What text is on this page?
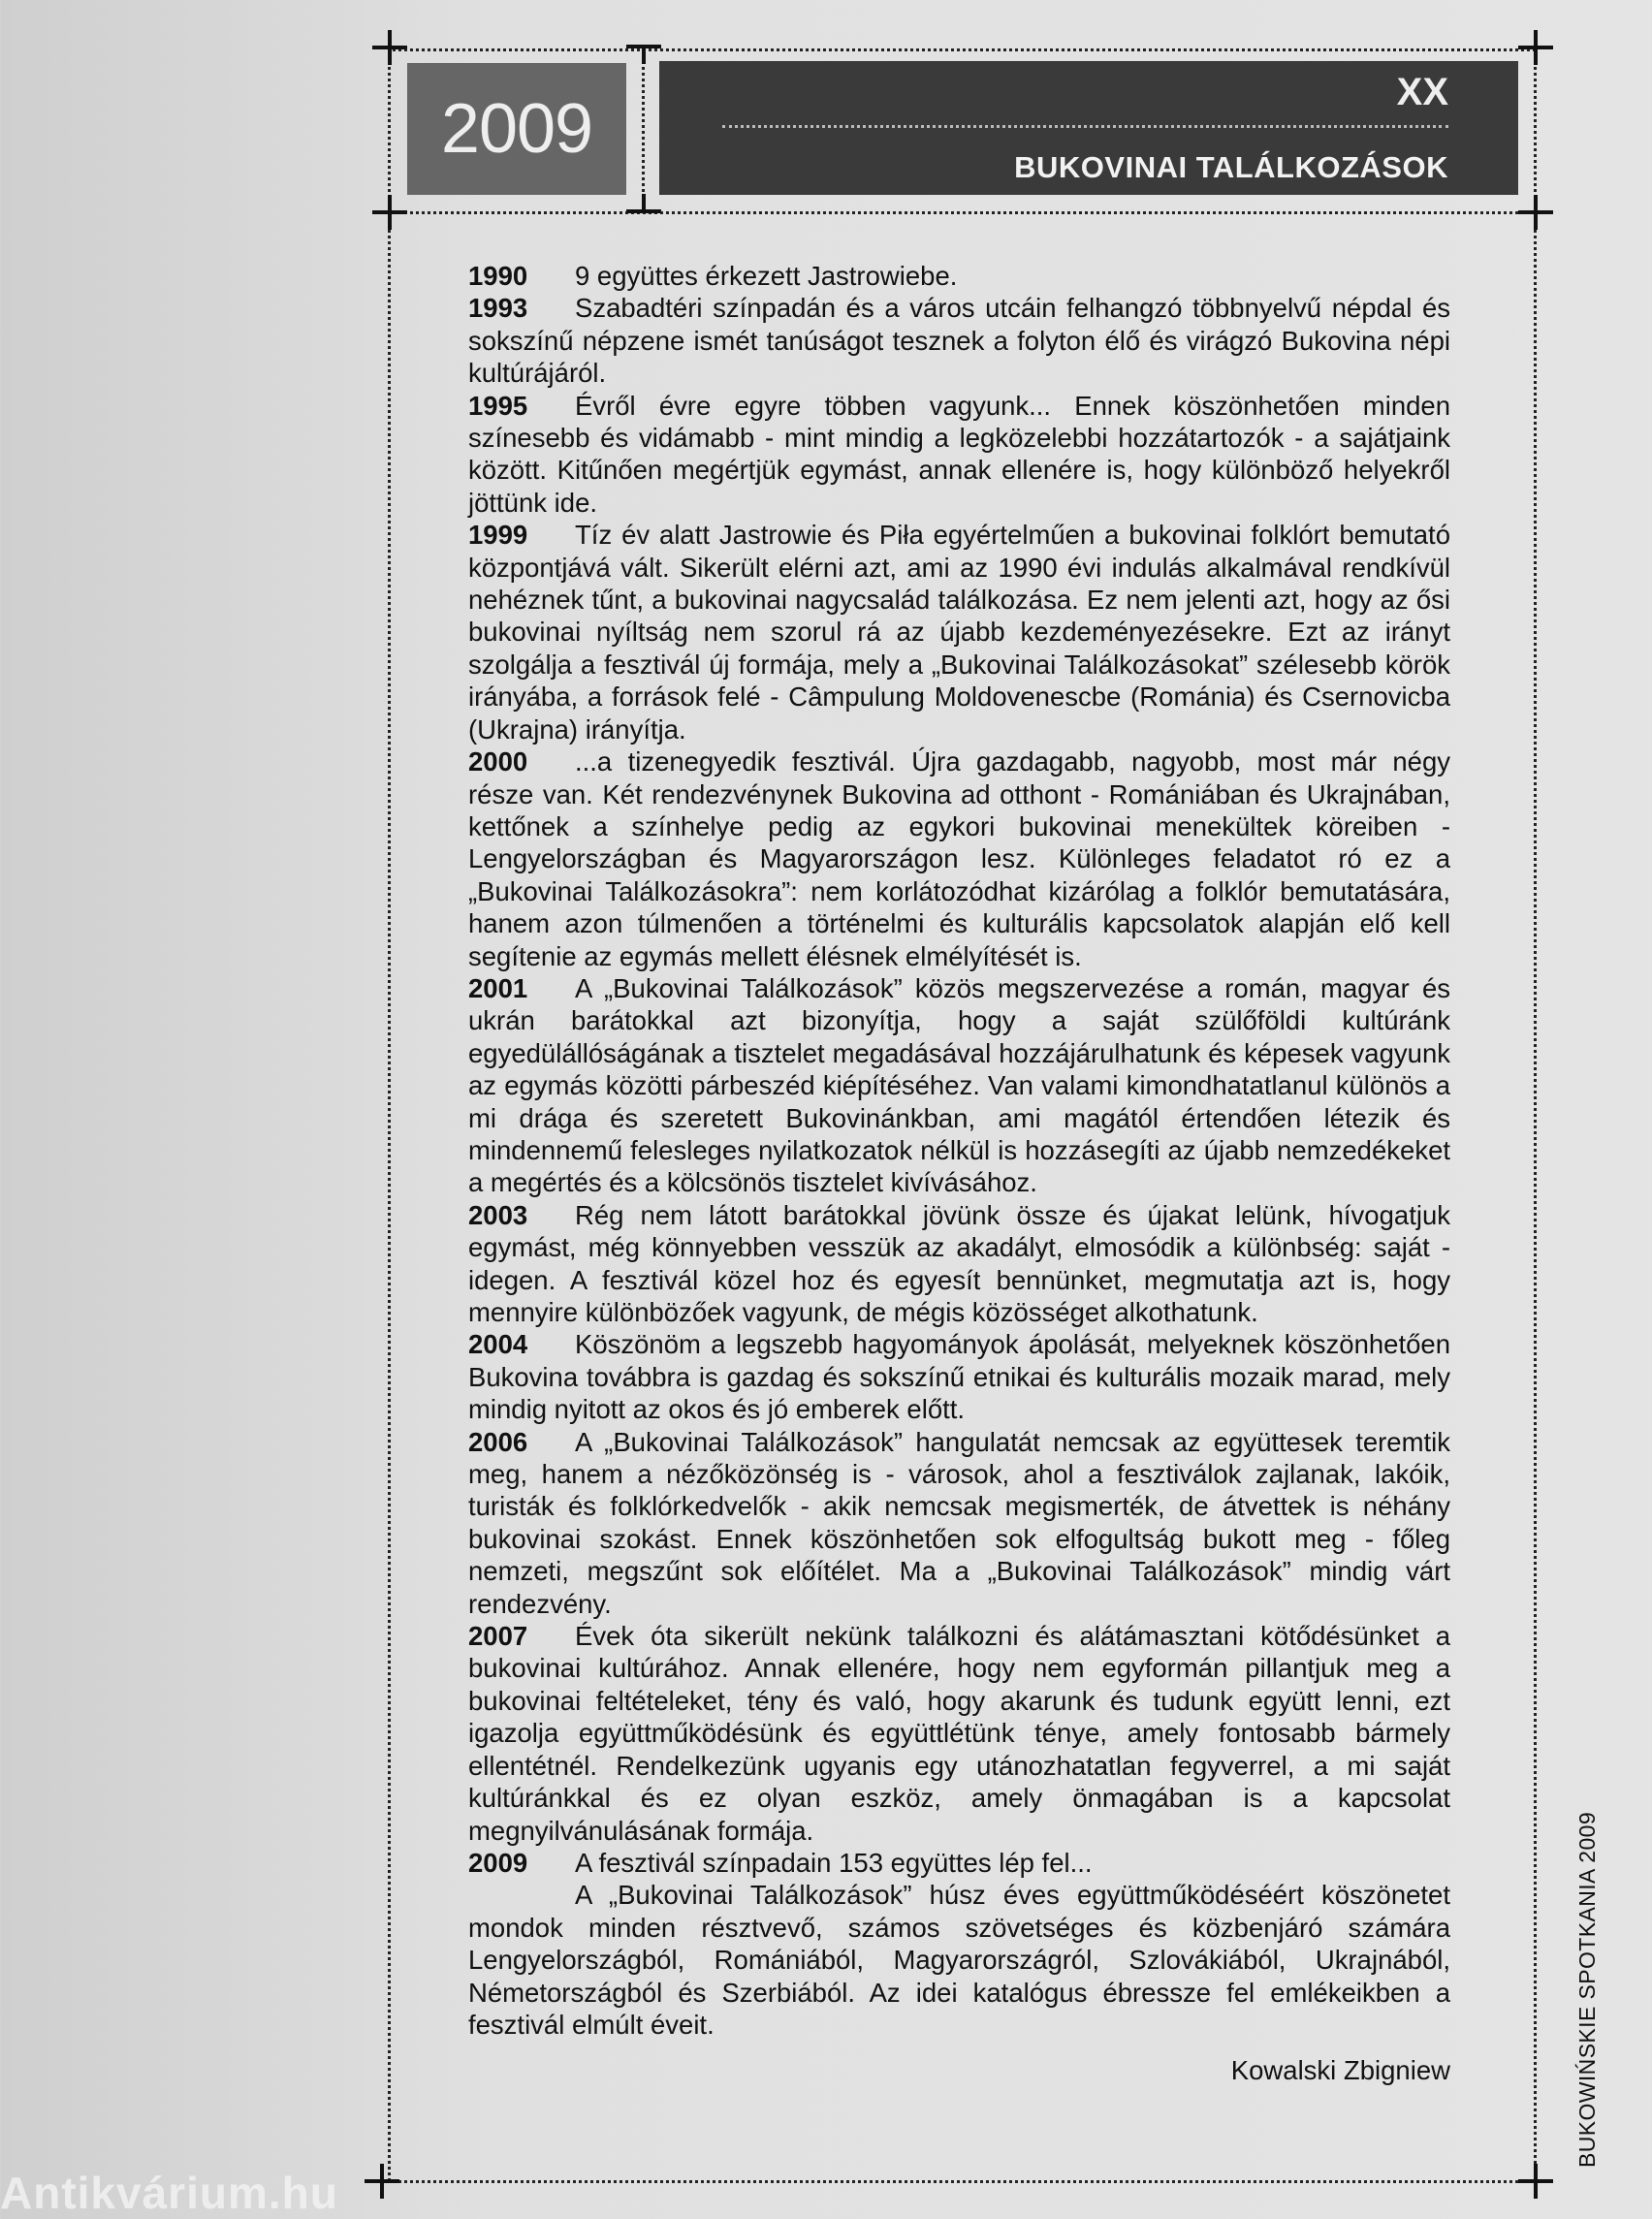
2009	XX
BUKOVINAI TALÁLKOZÁSOK

1990 9 együttes érkezett Jastrowiebe.

1993 Szabadtéri színpadán és a város utcáin felhangzó többnyelvű népdal és sokszínű népzene ismét tanúságot tesznek a folyton élő és virágzó Bukovina népi kultúrájáról.

1995 Évről évre egyre többen vagyunk... Ennek köszönhetően minden színesebb és vidámabb - mint mindig a legközelebbi hozzátartozók - a sajátjaink között. Kitűnően megértjük egymást, annak ellenére is, hogy különböző helyekről jöttünk ide.

1999 Tíz év alatt Jastrowie és Piła egyértelműen a bukovinai folklórt bemutató központjává vált. Sikerült elérni azt, ami az 1990 évi indulás alkalmával rendkívül nehéznek tűnt, a bukovinai nagycsalád találkozása. Ez nem jelenti azt, hogy az ősi bukovinai nyíltság nem szorul rá az újabb kezdeményezésekre. Ezt az irányt szolgálja a fesztivál új formája, mely a „Bukovinai Találkozásokat” szélesebb körök irányába, a források felé - Câmpulung Moldovenescbe (Románia) és Csernovicba (Ukrajna) irányítja.

2000 ...a tizenegyedik fesztivál. Újra gazdagabb, nagyobb, most már négy része van. Két rendezvénynek Bukovina ad otthont - Romániában és Ukrajnában, kettőnek a színhelye pedig az egykori bukovinai menekültek köreiben - Lengyelországban és Magyarországon lesz. Különleges feladatot ró ez a „Bukovinai Találkozásokra”: nem korlátozódhat kizárólag a folklór bemutatására, hanem azon túlmenően a történelmi és kulturális kapcsolatok alapján elő kell segítenie az egymás mellett élésnek elmélyítését is.

2001 A „Bukovinai Találkozások” közös megszervezése a román, magyar és ukrán barátokkal azt bizonyítja, hogy a saját szülőföldi kultúránk egyedülállóságának a tisztelet megadásával hozzájárulhatunk és képesek vagyunk az egymás közötti párbeszéd kiépítéséhez. Van valami kimondhatatlanul különös a mi drága és szeretett Bukovinánkban, ami magától értendően létezik és mindennemű felesleges nyilatkozatok nélkül is hozzásegíti az újabb nemzedékeket a megértés és a kölcsönös tisztelet kivívásához.

2003 Rég nem látott barátokkal jövünk össze és újakat lelünk, hívogatjuk egymást, még könnyebben vesszük az akadályt, elmosódik a különbség: saját - idegen. A fesztivál közel hoz és egyesít bennünket, megmutatja azt is, hogy mennyire különbözőek vagyunk, de mégis közösséget alkothatunk.

2004 Köszönöm a legszebb hagyományok ápolását, melyeknek köszönhetően Bukovina továbbra is gazdag és sokszínű etnikai és kulturális mozaik marad, mely mindig nyitott az okos és jó emberek előtt.

2006 A „Bukovinai Találkozások” hangulatát nemcsak az együttesek teremtik meg, hanem a nézőközönség is - városok, ahol a fesztiválok zajlanak, lakóik, turisták és folklórkedvelők - akik nemcsak megismerték, de átvettek is néhány bukovinai szokást. Ennek köszönhetően sok elfogultság bukott meg - főleg nemzeti, megszűnt sok előítélet. Ma a „Bukovinai Találkozások” mindig várt rendezvény.

2007 Évek óta sikerült nekünk találkozni és alátámasztani kötődésünket a bukovinai kultúrához. Annak ellenére, hogy nem egyformán pillantjuk meg a bukovinai feltételeket, tény és való, hogy akarunk és tudunk együtt lenni, ezt igazolja együttműködésünk és együttlétünk ténye, amely fontosabb bármely ellentétnél. Rendelkezünk ugyanis egy utánozhatatlan fegyverrel, a mi saját kultúránkkal és ez olyan eszköz, amely önmagában is a kapcsolat megnyilvánulásának formája.

2009 A fesztivál színpadain 153 együttes lép fel...

A „Bukovinai Találkozások” húsz éves együttműködéséért köszönetet mondok minden résztvevő, számos szövetséges és közbenjáró számára Lengyelországból, Romániából, Magyarországról, Szlovákiából, Ukrajnából, Németországból és Szerbiából. Az idei katalógus ébressze fel emlékeikben a fesztivál elmúlt éveit.

Kowalski Zbigniew	BUKOWIŃSKIE SPOTKANIA 2009
Antikvárium.hu
